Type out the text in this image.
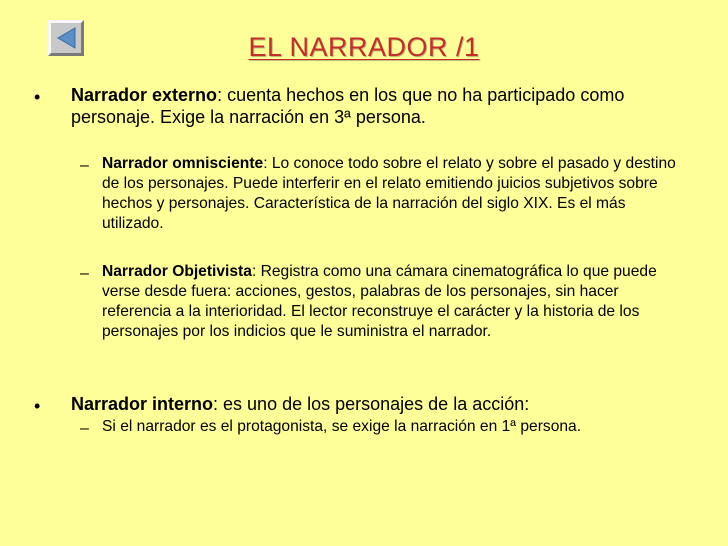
EL NARRADOR /1
• Narrador externo: cuenta hechos en los que no ha participado como personaje. Exige la narración en 3ª persona.
– Narrador omnisciente: Lo conoce todo sobre el relato y sobre el pasado y destino de los personajes. Puede interferir en el relato emitiendo juicios subjetivos sobre hechos y personajes. Característica de la narración del siglo XIX. Es el más utilizado.
– Narrador Objetivista: Registra como una cámara cinematográfica lo que puede verse desde fuera: acciones, gestos, palabras de los personajes, sin hacer referencia a la interioridad. El lector reconstruye el carácter y la historia de los personajes por los indicios que le suministra el narrador.
• Narrador interno: es uno de los personajes de la acción:
– Si el narrador es el protagonista, se exige la narración en 1ª persona.
